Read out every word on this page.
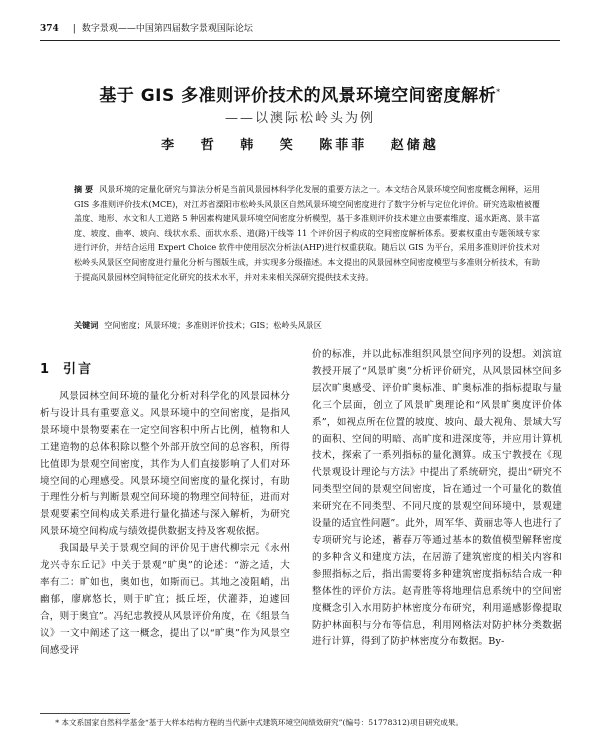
374 | 数字景观——中国第四届数字景观国际论坛
基于 GIS 多准则评价技术的风景环境空间密度解析*
——以澳际松岭头为例
李 哲 韩 笑 陈菲菲 赵储越
摘 要 风景环境的定量化研究与算法分析是当前风景园林科学化发展的重要方法之一。本文结合风景环境空间密度概念阐释，运用 GIS 多准则评价技术(MCE)，对江苏省溧阳市松岭头风景区自然风景环境空间密度进行了数字分析与定位化评价。研究选取植被覆盖度、地形、水文和人工道路 5 种因素构建风景环境空间密度分析模型，基于多准则评价技术建立由要素维度、遥水距离、景丰富度、坡度、曲率、坡向、线状水系、面状水系、道(路)干线等 11 个评价因子构成的空间密度解析体系。要素权重由专题领域专家进行评价，并结合运用 Expert Choice 软件中使用层次分析法(AHP)进行权重获取。随后以 GIS 为平台，采用多准则评价技术对松岭头风景区空间密度进行量化分析与图版生成，并实现多分级描述。本文提出的风景园林空间密度模型与多准则分析技术，有助于提高风景园林空间特征定化研究的技术水平，并对未来相关深研究提供技术支持。
关键词 空间密度；风景环境；多准则评价技术；GIS；松岭头风景区
1 引言

风景园林空间环境的量化分析对科学化的风景园林分析与设计具有重要意义。风景环境中的空间密度，是指风景环境中景物要素在一定空间容积中所占比例，植物和人工建造物的总体积除以整个外部开放空间的总容积，所得比值即为景观空间密度，其作为人们直接影响了人们对环境空间的心理感受。风景环境空间密度的量化探讨，有助于理性分析与判断景观空间环境的物理空间特征，进而对景观要素空间构成关系进行量化描述与深入解析，为研究风景环境空间构成与绩效提供数据支持及客观依据。

我国最早关于景观空间的评价见于唐代柳宗元《永州龙兴寺东丘记》中关于景观“旷奥”的论述：“游之适，大率有二：旷如也，奥如也，如斯而已。其地之凌阻峭，出幽郁，廖廓悠长，则于旷宜；抵丘垤，伏灌莽，迫遽回合，则于奥宜”。冯纪忠教授从风景评价角度，在《组景刍议》一文中阐述了这一概念，提出了以“旷奥”作为风景空间感受评

价的标准，并以此标准组织风景空间序列的设想。刘滨谊教授开展了“风景旷奥”分析评价研究，从风景园林空间多层次旷奥感受、评价旷奥标准、旷奥标准的指标提取与量化三个层面，创立了风景旷奥理论和“风景旷奥度评价体系”，如视点所在位置的坡度、坡向、最大视角、景域大写的面积、空间的明暗、高旷度和进深度等，并应用计算机技术，探索了一系列指标的量化测算。成玉宁教授在《现代景观设计理论与方法》中提出了系统研究，提出“研究不同类型空间的景观空间密度，旨在通过一个可量化的数值来研究在不同类型、不同尺度的景观空间环境中，景观建设量的适宜性问题”。此外，周军华、黄丽忠等人也进行了专项研究与论述，蓄春万等通过基本的数值模型解释密度的多种含义和建度方法，在居游了建筑密度的相关内容和参照指标之后，指出需要将多种建筑密度指标结合成一种整体性的评价方法。赵青胜等将地理信息系统中的空间密度概念引入水用防护林密度分布研究，利用遥感影像提取防护林面积与分布等信息，利用网格法对防护林分类数据进行计算，得到了防护林密度分布数据。By-

* 本文系国家自然科学基金“基于大样本结构方程的当代新中式建筑环境空间绩效研究”(编号：51778312)项目研究成果。
